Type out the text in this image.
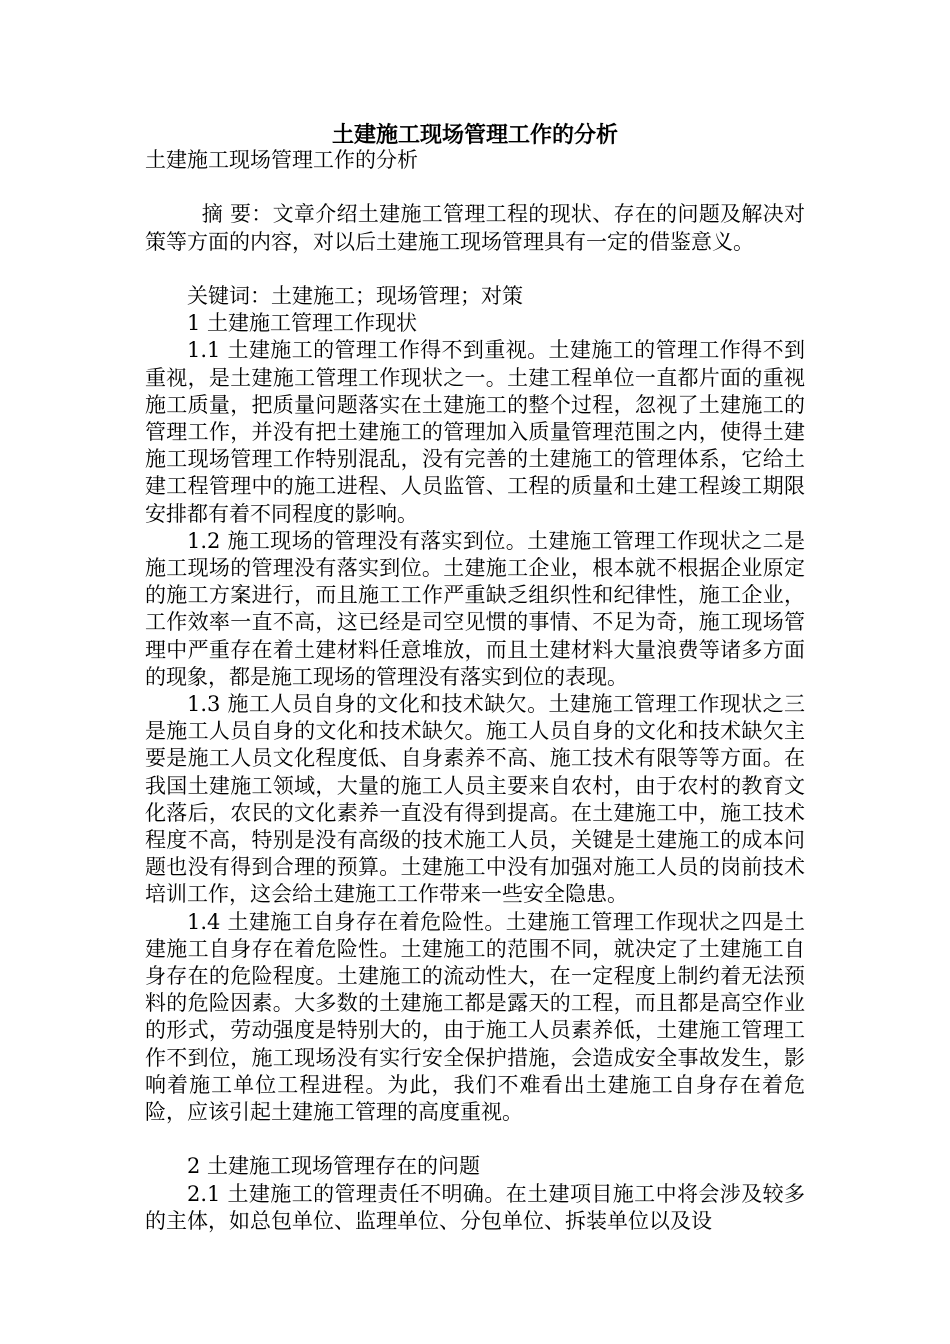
土建施工现场管理工作的分析

土建施工现场管理工作的分析

摘 要：文章介绍土建施工管理工程的现状、存在的问题及解决对策等方面的内容，对以后土建施工现场管理具有一定的借鉴意义。

关键词：土建施工；现场管理；对策

1 土建施工管理工作现状

1.1 土建施工的管理工作得不到重视。土建施工的管理工作得不到重视，是土建施工管理工作现状之一。土建工程单位一直都片面的重视施工质量，把质量问题落实在土建施工的整个过程，忽视了土建施工的管理工作，并没有把土建施工的管理加入质量管理范围之内，使得土建施工现场管理工作特别混乱，没有完善的土建施工的管理体系，它给土建工程管理中的施工进程、人员监管、工程的质量和土建工程竣工期限安排都有着不同程度的影响。

1.2 施工现场的管理没有落实到位。土建施工管理工作现状之二是施工现场的管理没有落实到位。土建施工企业，根本就不根据企业原定的施工方案进行，而且施工工作严重缺乏组织性和纪律性，施工企业，工作效率一直不高，这已经是司空见惯的事情、不足为奇，施工现场管理中严重存在着土建材料任意堆放，而且土建材料大量浪费等诸多方面的现象，都是施工现场的管理没有落实到位的表现。

1.3 施工人员自身的文化和技术缺欠。土建施工管理工作现状之三是施工人员自身的文化和技术缺欠。施工人员自身的文化和技术缺欠主要是施工人员文化程度低、自身素养不高、施工技术有限等等方面。在我国土建施工领域，大量的施工人员主要来自农村，由于农村的教育文化落后，农民的文化素养一直没有得到提高。在土建施工中，施工技术程度不高，特别是没有高级的技术施工人员，关键是土建施工的成本问题也没有得到合理的预算。土建施工中没有加强对施工人员的岗前技术培训工作，这会给土建施工工作带来一些安全隐患。

1.4 土建施工自身存在着危险性。土建施工管理工作现状之四是土建施工自身存在着危险性。土建施工的范围不同，就决定了土建施工自身存在的危险程度。土建施工的流动性大，在一定程度上制约着无法预料的危险因素。大多数的土建施工都是露天的工程，而且都是高空作业的形式，劳动强度是特别大的，由于施工人员素养低，土建施工管理工作不到位，施工现场没有实行安全保护措施，会造成安全事故发生，影响着施工单位工程进程。为此，我们不难看出土建施工自身存在着危险，应该引起土建施工管理的高度重视。

2 土建施工现场管理存在的问题

2.1 土建施工的管理责任不明确。在土建项目施工中将会涉及较多的主体，如总包单位、监理单位、分包单位、拆装单位以及设
